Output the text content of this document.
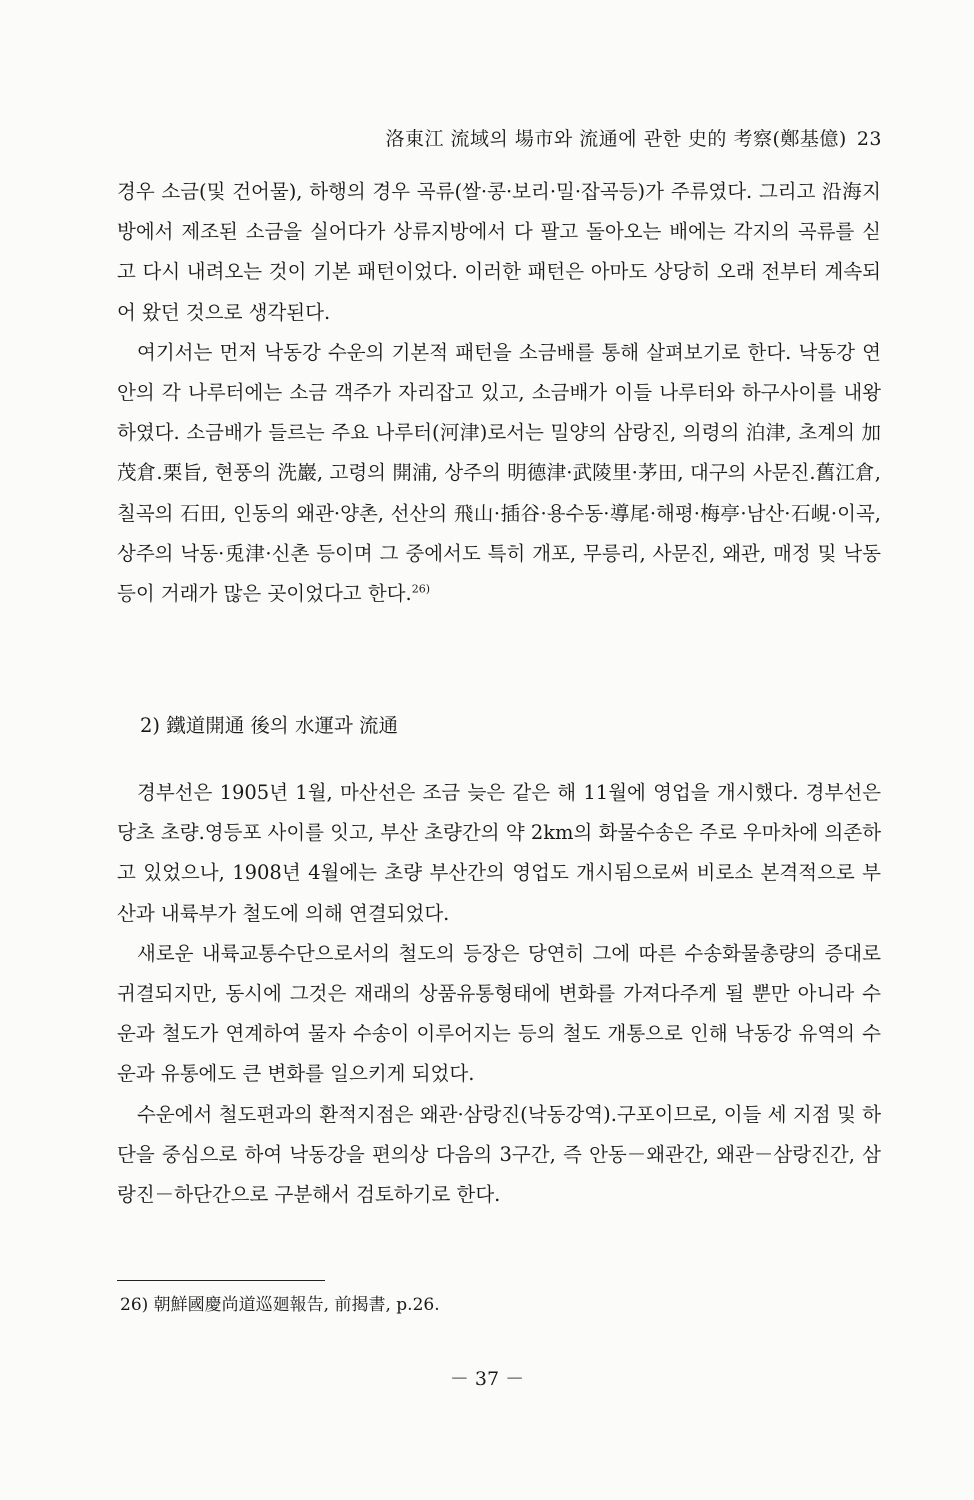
洛東江 流域의 場市와 流通에 관한 史的 考察(鄭基億) 23

경우 소금(및 건어물), 하행의 경우 곡류(쌀·콩·보리·밀·잡곡등)가 주류였다. 그리고 沿海지방에서 제조된 소금을 실어다가 상류지방에서 다 팔고 돌아오는 배에는 각지의 곡류를 싣고 다시 내려오는 것이 기본 패턴이었다. 이러한 패턴은 아마도 상당히 오래 전부터 계속되어 왔던 것으로 생각된다.

여기서는 먼저 낙동강 수운의 기본적 패턴을 소금배를 통해 살펴보기로 한다. 낙동강 연안의 각 나루터에는 소금 객주가 자리잡고 있고, 소금배가 이들 나루터와 하구사이를 내왕하였다. 소금배가 들르는 주요 나루터(河津)로서는 밀양의 삼랑진, 의령의 泊津, 초계의 加茂倉.栗旨, 현풍의 洗巖, 고령의 開浦, 상주의 明德津·武陵里·茅田, 대구의 사문진.舊江倉, 칠곡의 石田, 인동의 왜관·양촌, 선산의 飛山·插谷·용수동·導尾·해평·梅亭·남산·石峴·이곡, 상주의 낙동·兎津·신촌 등이며 그 중에서도 특히 개포, 무릉리, 사문진, 왜관, 매정 및 낙동 등이 거래가 많은 곳이었다고 한다.$^{26)}$

2) 鐵道開通 後의 水運과 流通

경부선은 1905년 1월, 마산선은 조금 늦은 같은 해 11월에 영업을 개시했다. 경부선은 당초 초량.영등포 사이를 잇고, 부산 초량간의 약 2km의 화물수송은 주로 우마차에 의존하고 있었으나, 1908년 4월에는 초량 부산간의 영업도 개시됨으로써 비로소 본격적으로 부산과 내륙부가 철도에 의해 연결되었다.

새로운 내륙교통수단으로서의 철도의 등장은 당연히 그에 따른 수송화물총량의 증대로 귀결되지만, 동시에 그것은 재래의 상품유통형태에 변화를 가져다주게 될 뿐만 아니라 수운과 철도가 연계하여 물자 수송이 이루어지는 등의 철도 개통으로 인해 낙동강 유역의 수운과 유통에도 큰 변화를 일으키게 되었다.

수운에서 철도편과의 환적지점은 왜관·삼랑진(낙동강역).구포이므로, 이들 세 지점 및 하단을 중심으로 하여 낙동강을 편의상 다음의 3구간, 즉 안동－왜관간, 왜관－삼랑진간, 삼랑진－하단간으로 구분해서 검토하기로 한다.

26) 朝鮮國慶尚道巡廻報告, 前揭書, p.26.
－ 37 －
